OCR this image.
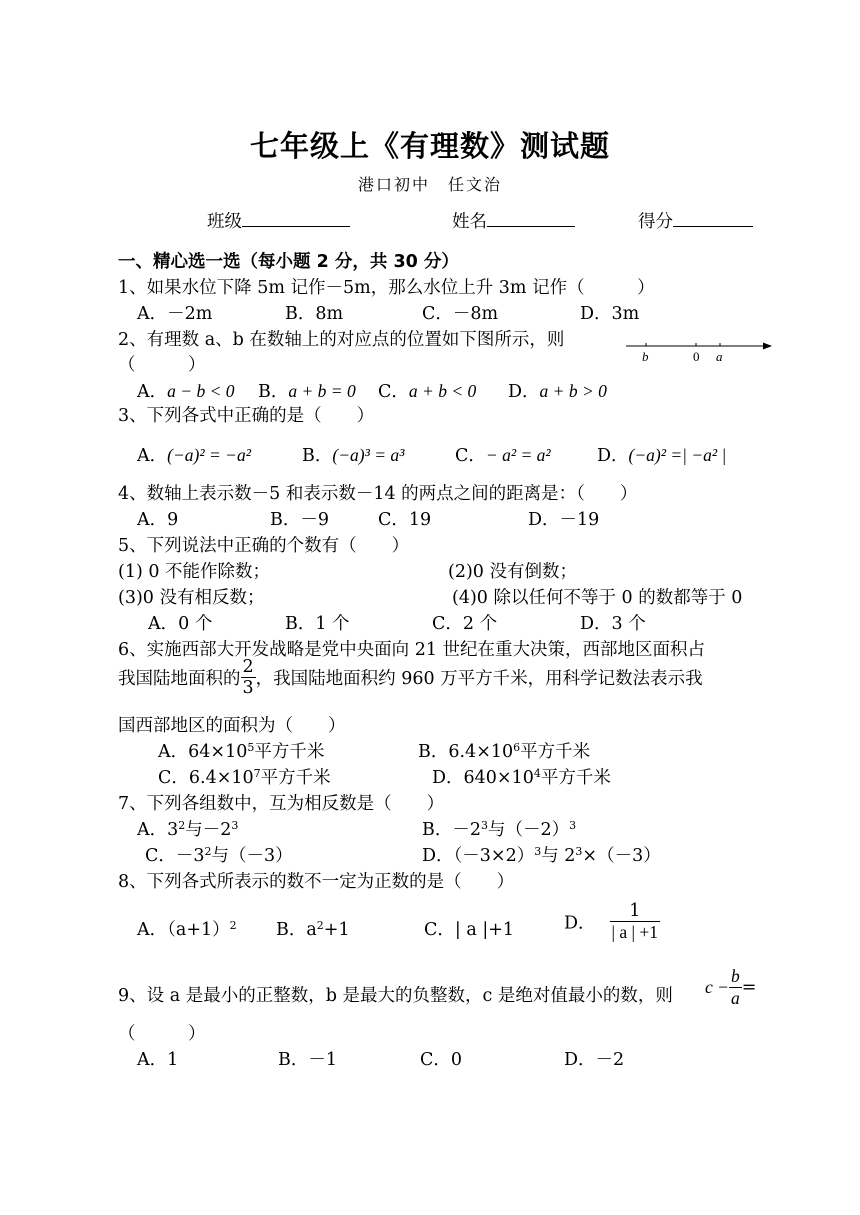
七年级上《有理数》测试题
港口初中　任文治
班级	姓名	得分
一、精心选一选（每小题 2 分，共 30 分）
1、如果水位下降 5m 记作－5m，那么水位上升 3m 记作（　　　）
A．－2m	B．8m	C．－8m	D．3m
2、有理数 a、b 在数轴上的对应点的位置如下图所示，则
（　　　）	b	0 a
A．a − b < 0 B．a + b = 0 C．a + b < 0 D．a + b > 0
3、下列各式中正确的是（　　）
A．(−a)² = −a²	B．(−a)³ = a³	C．− a² = a²	D．(−a)² =| −a² |
4、数轴上表示数－5 和表示数－14 的两点之间的距离是：（　　）
A．9	B．－9	C．19	D．－19
5、下列说法中正确的个数有（　　）
(1) 0 不能作除数；	(2)0 没有倒数；
(3)0 没有相反数；	(4)0 除以任何不等于 0 的数都等于 0
A．0 个	B．1 个	C．2 个	D．3 个
6、实施西部大开发战略是党中央面向 21 世纪在重大决策，西部地区面积占
我国陆地面积的 $\frac{2}{3}$ ，我国陆地面积约 960 万平方千米，用科学记数法表示我
国西部地区的面积为（　　）
A．$64\times 10^5$平方千米	B．$6.4\times 10^6$平方千米
C．$6.4\times 10^7$平方千米	D．$640\times 10^4$平方千米
7、下列各组数中，互为相反数是（　　）
A．$3^2$与$-2^3$	B．$-2^3$与$(-2)^3$
C．$-3^2$与（－3）	D．$(-3\times 2)^3$与 $2^3\times(-3)$
8、下列各式所表示的数不一定为正数的是（　　）
A．$(a+1)^2$ B．$a^2+1$	C．| a |+1	D． $\frac{1}{| a | +1}$
9、设 a 是最小的正整数，b 是最大的负整数，c 是绝对值最小的数，则 $c - \frac{b}{a}$ =
（　　　）
A．1	B．－1	C．0	D．－2
